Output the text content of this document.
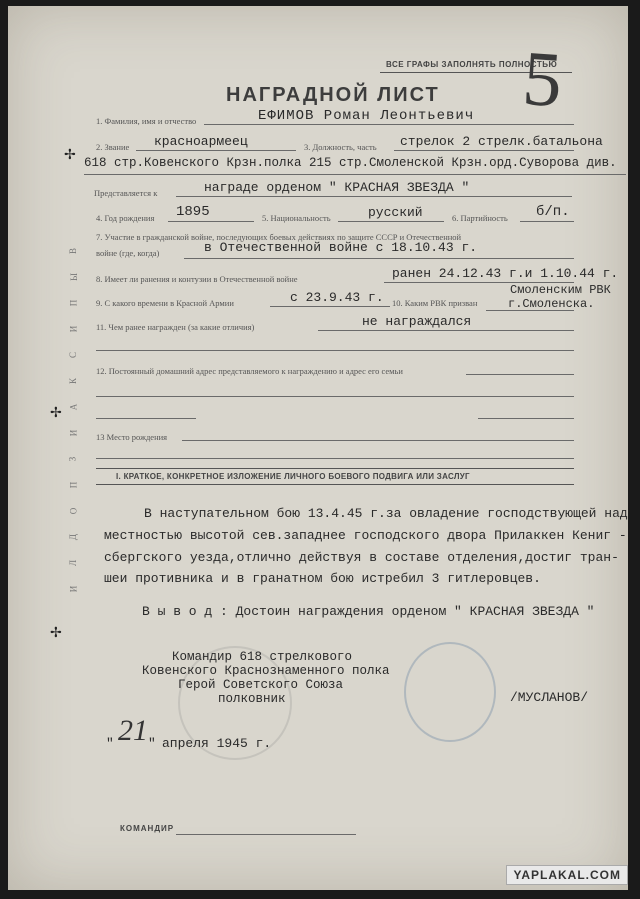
ВСЕ ГРАФЫ ЗАПОЛНЯТЬ ПОЛНОСТЬЮ
5
НАГРАДНОЙ ЛИСТ
1. Фамилия, имя и отчество	ЕФИМОВ Роман Леонтьевич
2. Звание красноармеец	3. Должность, часть стрелок 2 стрелк.батальона
✢
618 стр.Ковенского Крзн.полка 215 стр.Смоленской Крзн.орд.Суворова див.
Представляется к	награде орденом " КРАСНАЯ ЗВЕЗДА "
4. Год рождения 1895	5. Национальность	русский	6. Партийность б/п.
7. Участие в гражданской войне, последующих боевых действиях по защите СССР и Отечественной
войне (где, когда)	в Отечественной войне с 18.10.43 г.
8. Имеет ли ранения и контузии в Отечественной войне	ранен 24.12.43 г.и 1.10.44 г.
9. С какого времени в Красной Армии	с 23.9.43 г. 10. Каким РВК призван
Смоленским РВК
г.Смоленска.
11. Чем ранее награжден (за какие отличия)	не награждался
12. Постоянный домашний адрес представляемого к награждению и адрес его семьи
✢
13 Место рождения
I. КРАТКОЕ, КОНКРЕТНОЕ ИЗЛОЖЕНИЕ ЛИЧНОГО БОЕВОГО ПОДВИГА ИЛИ ЗАСЛУГ
В наступательном бою 13.4.45 г.за овладение господствующей над
местностью высотой сев.западнее господского двора Прилаккен Кениг -
сбергского уезда,отлично действуя в составе отделения,достиг тран-
шеи противника и в гранатном бою истребил 3 гитлеровцев.
В ы в о д : Достоин награждения орденом " КРАСНАЯ ЗВЕЗДА "
✢
Командир 618 стрелкового
Ковенского Краснознаменного полка
Герой Советского Союза
полковник	/МУСЛАНОВ/
" 21 " апреля 1945 г.
КОМАНДИР
В
Ы
П
И
С
К
А
И
З
П
О
Д
Л
И
YAPLAKAL.COM
